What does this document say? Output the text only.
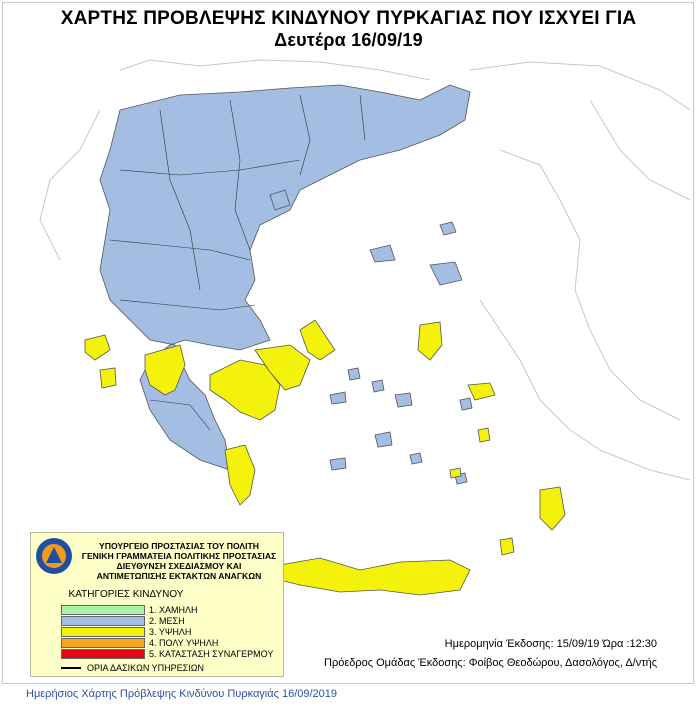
ΧΑΡΤΗΣ ΠΡΟΒΛΕΨΗΣ ΚΙΝΔΥΝΟΥ ΠΥΡΚΑΓΙΑΣ ΠΟΥ ΙΣΧΥΕΙ ΓΙΑ
Δευτέρα 16/09/19
ΥΠΟΥΡΓΕΙΟ ΠΡΟΣΤΑΣΙΑΣ ΤΟΥ ΠΟΛΙΤΗ
ΓΕΝΙΚΗ ΓΡΑΜΜΑΤΕΙΑ ΠΟΛΙΤΙΚΗΣ ΠΡΟΣΤΑΣΙΑΣ
ΔΙΕΥΘΥΝΣΗ ΣΧΕΔΙΑΣΜΟΥ ΚΑΙ
ΑΝΤΙΜΕΤΩΠΙΣΗΣ ΕΚΤΑΚΤΩΝ ΑΝΑΓΚΩΝ
ΚΑΤΗΓΟΡΙΕΣ ΚΙΝΔΥΝΟΥ
1. ΧΑΜΗΛΗ
2. ΜΕΣΗ
3. ΥΨΗΛΗ
4. ΠΟΛΥ ΥΨΗΛΗ
5. ΚΑΤΑΣΤΑΣΗ ΣΥΝΑΓΕΡΜΟΥ
ΟΡΙΑ ΔΑΣΙΚΩΝ ΥΠΗΡΕΣΙΩΝ
Ημερομηνία Έκδοσης: 15/09/19 Ώρα :12:30
Πρόεδρος Ομάδας Έκδοσης: Φοίβος Θεοδώρου, Δασολόγος, Δ/ντής
Ημερήσιος Χάρτης Πρόβλεψης Κινδύνου Πυρκαγιάς 16/09/2019
